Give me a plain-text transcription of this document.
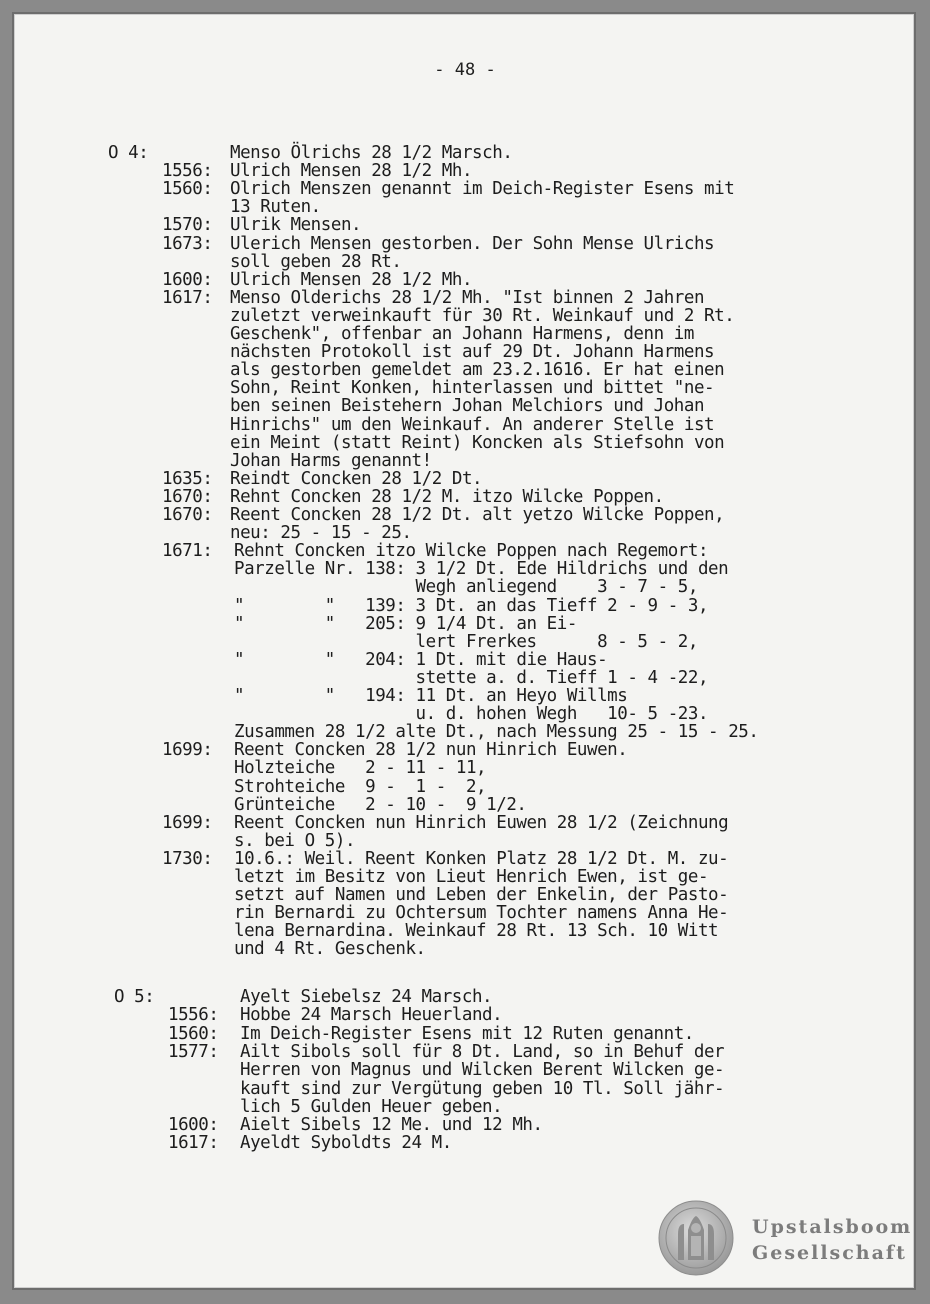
- 48 -
O 4:	Menso Ölrichs 28 1/2 Marsch.
1556: Ulrich Mensen 28 1/2 Mh.
1560: Olrich Menszen genannt im Deich-Register Esens mit
13 Ruten.
1570: Ulrik Mensen.
1673: Ulerich Mensen gestorben. Der Sohn Mense Ulrichs
soll geben 28 Rt.
1600: Ulrich Mensen 28 1/2 Mh.
1617: Menso Olderichs 28 1/2 Mh. "Ist binnen 2 Jahren
zuletzt verweinkauft für 30 Rt. Weinkauf und 2 Rt.
Geschenk", offenbar an Johann Harmens, denn im
nächsten Protokoll ist auf 29 Dt. Johann Harmens
als gestorben gemeldet am 23.2.1616. Er hat einen
Sohn, Reint Konken, hinterlassen und bittet "ne-
ben seinen Beistehern Johan Melchiors und Johan
Hinrichs" um den Weinkauf. An anderer Stelle ist
ein Meint (statt Reint) Koncken als Stiefsohn von
Johan Harms genannt!
1635: Reindt Concken 28 1/2 Dt.
1670: Rehnt Concken 28 1/2 M. itzo Wilcke Poppen.
1670: Reent Concken 28 1/2 Dt. alt yetzo Wilcke Poppen,
neu: 25 - 15 - 25.
1671: Rehnt Concken itzo Wilcke Poppen nach Regemort:
Parzelle Nr. 138: 3 1/2 Dt. Ede Hildrichs und den
Wegh anliegend    3 - 7 - 5,
"        "   139: 3 Dt. an das Tieff 2 - 9 - 3,
"        "   205: 9 1/4 Dt. an Ei-
lert Frerkes      8 - 5 - 2,
"        "   204: 1 Dt. mit die Haus-
stette a. d. Tieff 1 - 4 -22,
"        "   194: 11 Dt. an Heyo Willms
u. d. hohen Wegh   10- 5 -23.
Zusammen 28 1/2 alte Dt., nach Messung 25 - 15 - 25.
1699: Reent Concken 28 1/2 nun Hinrich Euwen.
Holzteiche   2 - 11 - 11,
Strohteiche  9 -  1 -  2,
Grünteiche   2 - 10 -  9 1/2.
1699: Reent Concken nun Hinrich Euwen 28 1/2 (Zeichnung
s. bei O 5).
1730: 10.6.: Weil. Reent Konken Platz 28 1/2 Dt. M. zu-
letzt im Besitz von Lieut Henrich Ewen, ist ge-
setzt auf Namen und Leben der Enkelin, der Pasto-
rin Bernardi zu Ochtersum Tochter namens Anna He-
lena Bernardina. Weinkauf 28 Rt. 13 Sch. 10 Witt
und 4 Rt. Geschenk.
O 5:	Ayelt Siebelsz 24 Marsch.
1556: Hobbe 24 Marsch Heuerland.
1560: Im Deich-Register Esens mit 12 Ruten genannt.
1577: Ailt Sibols soll für 8 Dt. Land, so in Behuf der
Herren von Magnus und Wilcken Berent Wilcken ge-
kauft sind zur Vergütung geben 10 Tl. Soll jähr-
lich 5 Gulden Heuer geben.
1600: Aielt Sibels 12 Me. und 12 Mh.
1617: Ayeldt Syboldts 24 M.
Upstalsboom
Gesellschaft
